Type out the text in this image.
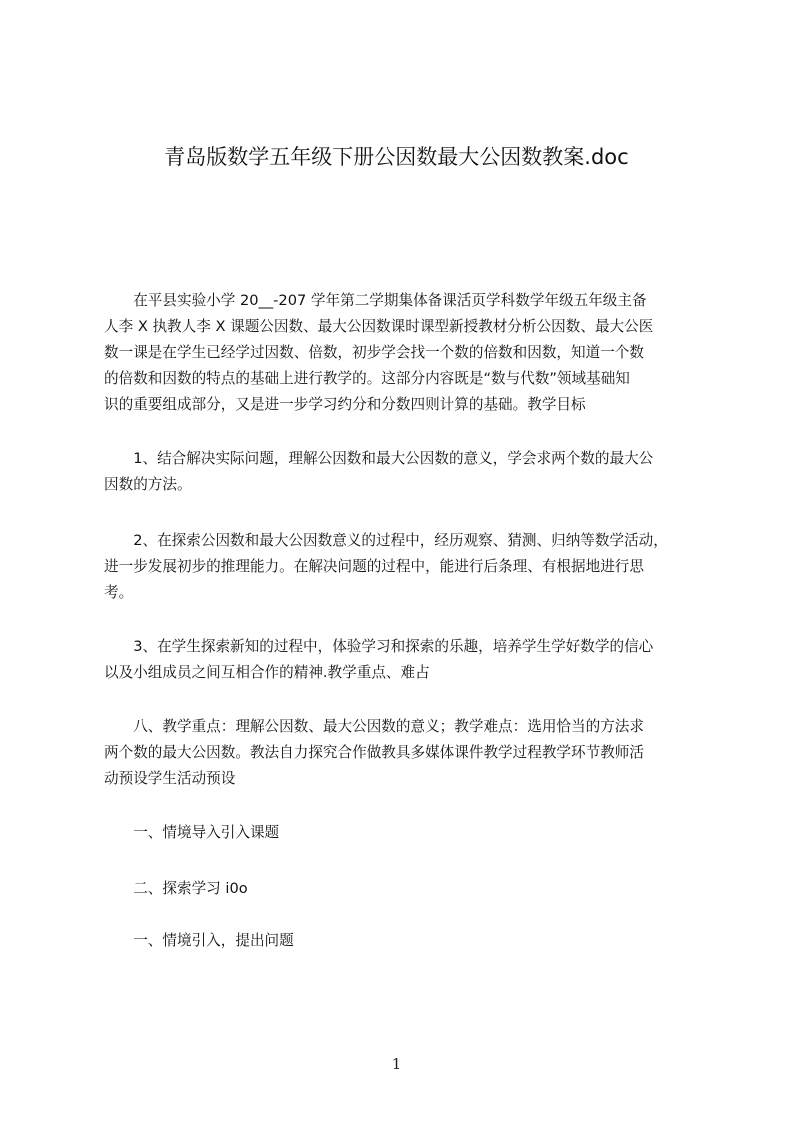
青岛版数学五年级下册公因数最大公因数教案.doc

　　在平县实验小学 20__-207 学年第二学期集体备课活页学科数学年级五年级主备
人李 X 执教人李 X 课题公因数、最大公因数课时课型新授教材分析公因数、最大公医
数一课是在学生已经学过因数、倍数，初步学会找一个数的倍数和因数，知道一个数
的倍数和因数的特点的基础上进行教学的。这部分内容既是“数与代数”领域基础知
识的重要组成部分，又是进一步学习约分和分数四则计算的基础。教学目标

　　1、结合解决实际问题，理解公因数和最大公因数的意义，学会求两个数的最大公
因数的方法。

　　2、在探索公因数和最大公因数意义的过程中，经历观察、猜测、归纳等数学活动，
进一步发展初步的推理能力。在解决问题的过程中，能进行后条理、有根据地进行思
考。

　　3、在学生探索新知的过程中，体验学习和探索的乐趣，培养学生学好数学的信心
以及小组成员之间互相合作的精神.教学重点、难占

　　八、教学重点：理解公因数、最大公因数的意义；教学难点：选用恰当的方法求
两个数的最大公因数。教法自力探究合作做教具多媒体课件教学过程教学环节教师活
动预设学生活动预设

　　一、情境导入引入课题

　　二、探索学习 i0o

　　一、情境引入，提出问题

1
